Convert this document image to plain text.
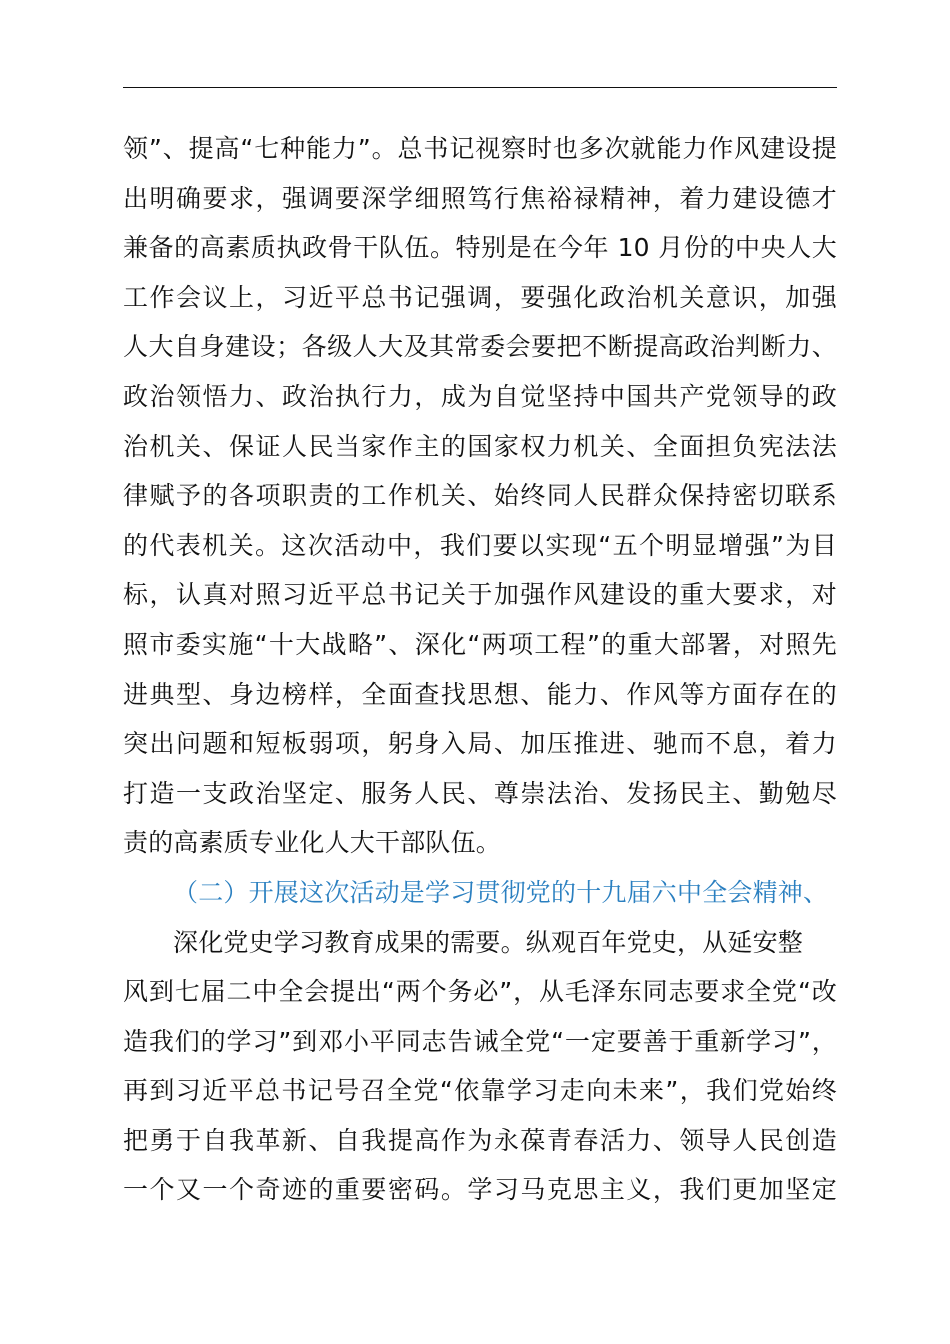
领”、提高“七种能力”。总书记视察时也多次就能力作风建设提
出明确要求，强调要深学细照笃行焦裕禄精神，着力建设德才
兼备的高素质执政骨干队伍。特别是在今年 10 月份的中央人大
工作会议上，习近平总书记强调，要强化政治机关意识，加强
人大自身建设；各级人大及其常委会要把不断提高政治判断力、
政治领悟力、政治执行力，成为自觉坚持中国共产党领导的政
治机关、保证人民当家作主的国家权力机关、全面担负宪法法
律赋予的各项职责的工作机关、始终同人民群众保持密切联系
的代表机关。这次活动中，我们要以实现“五个明显增强”为目
标，认真对照习近平总书记关于加强作风建设的重大要求，对
照市委实施“十大战略”、深化“两项工程”的重大部署，对照先
进典型、身边榜样，全面查找思想、能力、作风等方面存在的
突出问题和短板弱项，躬身入局、加压推进、驰而不息，着力
打造一支政治坚定、服务人民、尊崇法治、发扬民主、勤勉尽
责的高素质专业化人大干部队伍。
（二）开展这次活动是学习贯彻党的十九届六中全会精神、
深化党史学习教育成果的需要。纵观百年党史，从延安整
风到七届二中全会提出“两个务必”，从毛泽东同志要求全党“改
造我们的学习”到邓小平同志告诫全党“一定要善于重新学习”，
再到习近平总书记号召全党“依靠学习走向未来”，我们党始终
把勇于自我革新、自我提高作为永葆青春活力、领导人民创造
一个又一个奇迹的重要密码。学习马克思主义，我们更加坚定
